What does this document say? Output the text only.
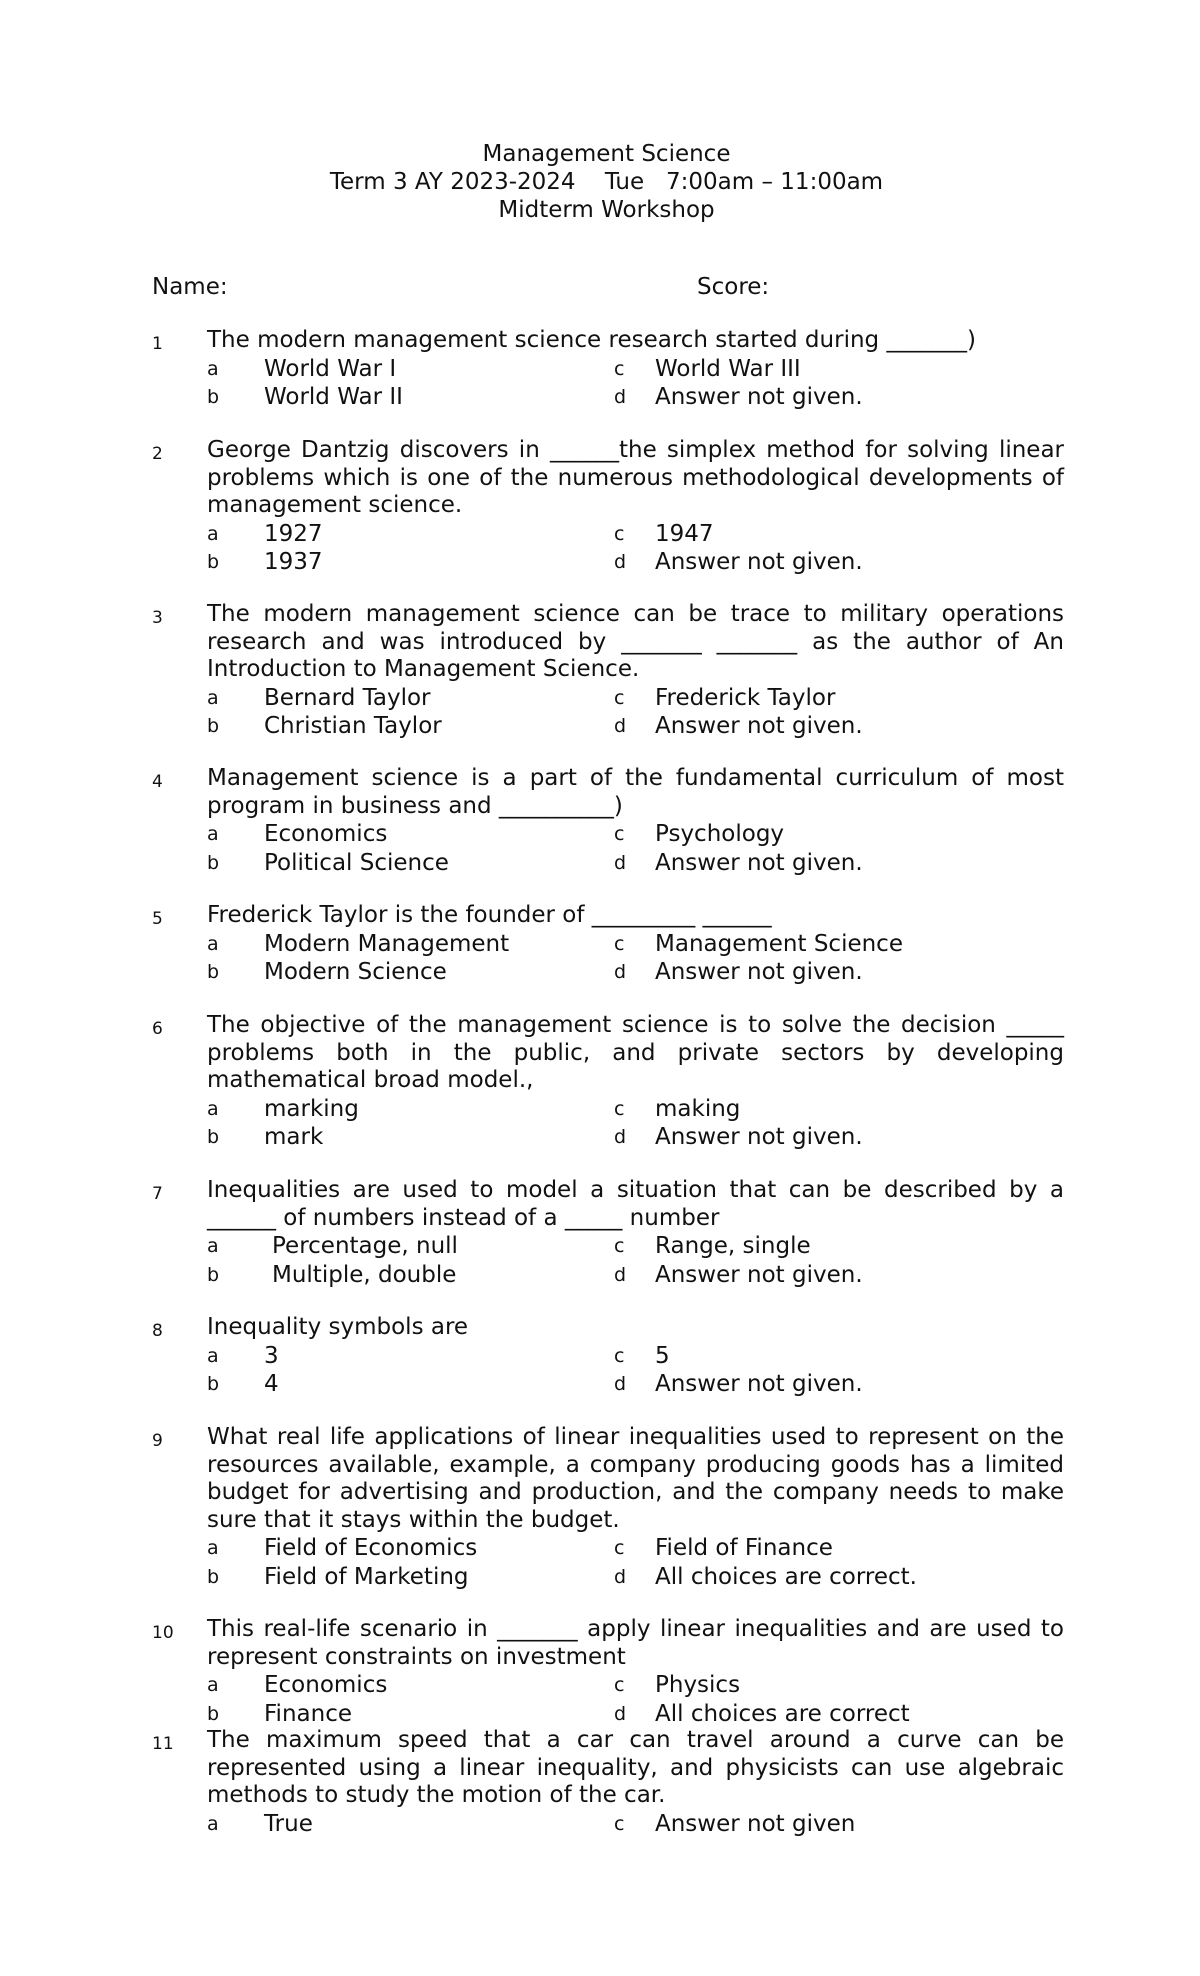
Management Science
Term 3 AY 2023-2024    Tue   7:00am – 11:00am
Midterm Workshop
Name:	Score:
1 The modern management science research started during _______)
a World War I	c World War III
b World War II	d Answer not given.
2 George Dantzig discovers in ______the simplex method for solving linear problems which is one of the numerous methodological developments of management science.
a 1927	c 1947
b 1937	d Answer not given.
3 The modern management science can be trace to military operations research and was introduced by _______ _______ as the author of An Introduction to Management Science.
a Bernard Taylor	c Frederick Taylor
b Christian Taylor	d Answer not given.
4 Management science is a part of the fundamental curriculum of most program in business and __________)
a Economics	c Psychology
b Political Science	d Answer not given.
5 Frederick Taylor is the founder of _________ ______
a Modern Management	c Management Science
b Modern Science	d Answer not given.
6 The objective of the management science is to solve the decision _____ problems both in the public, and private sectors by developing mathematical broad model.,
a marking	c making
b mark	d Answer not given.
7 Inequalities are used to model a situation that can be described by a ______ of numbers instead of a _____ number
a Percentage, null	c Range, single
b Multiple, double	d Answer not given.
8 Inequality symbols are
a 3	c 5
b 4	d Answer not given.
9 What real life applications of linear inequalities used to represent on the resources available, example, a company producing goods has a limited budget for advertising and production, and the company needs to make sure that it stays within the budget.
a Field of Economics	c Field of Finance
b Field of Marketing	d All choices are correct.
10 This real-life scenario in _______ apply linear inequalities and are used to represent constraints on investment
a Economics	c Physics
b Finance	d All choices are correct
11 The maximum speed that a car can travel around a curve can be represented using a linear inequality, and physicists can use algebraic methods to study the motion of the car.
a True	c Answer not given
